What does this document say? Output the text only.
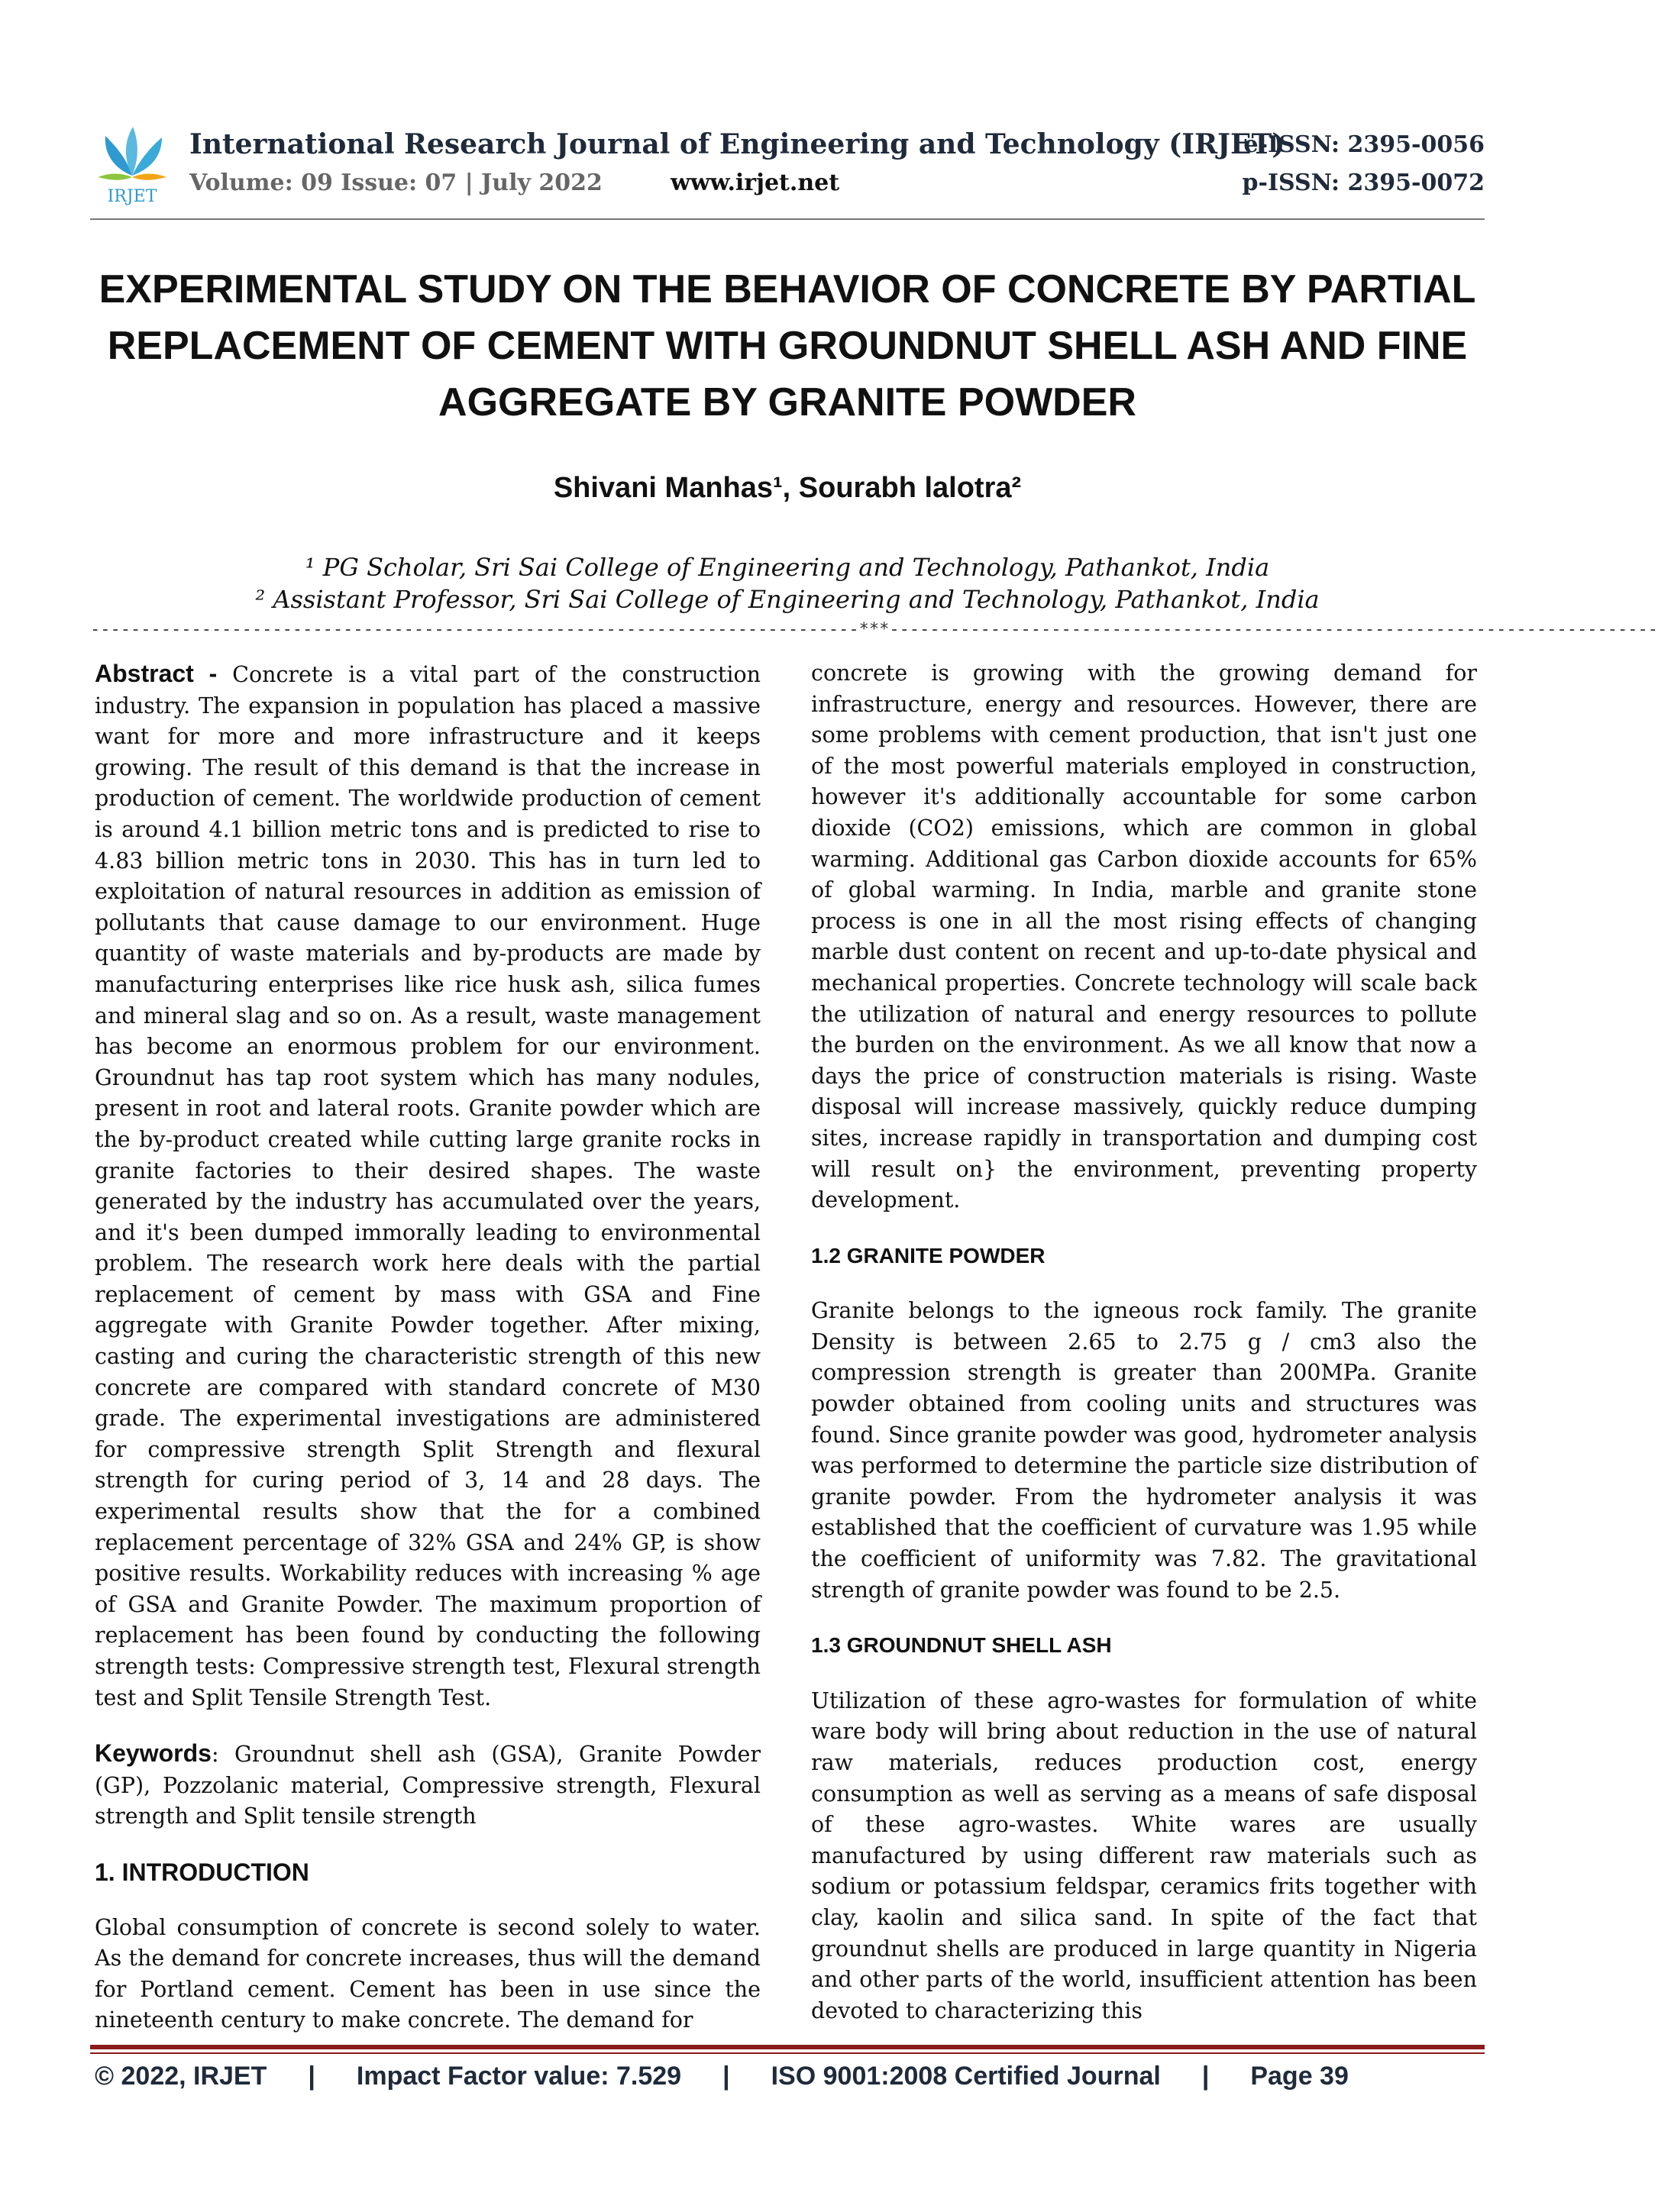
IRJET
International Research Journal of Engineering and Technology (IRJET)
e-ISSN: 2395-0056
Volume: 09 Issue: 07 | July 2022	www.irjet.net	p-ISSN: 2395-0072
EXPERIMENTAL STUDY ON THE BEHAVIOR OF CONCRETE BY PARTIAL
REPLACEMENT OF CEMENT WITH GROUNDNUT SHELL ASH AND FINE
AGGREGATE BY GRANITE POWDER
Shivani Manhas¹, Sourabh lalotra²
¹ PG Scholar, Sri Sai College of Engineering and Technology, Pathankot, India
² Assistant Professor, Sri Sai College of Engineering and Technology, Pathankot, India
----------------------------------------------------------------------------***----------------------------------------------------------------------------

Abstract - Concrete is a vital part of the construction industry. The expansion in population has placed a massive want for more and more infrastructure and it keeps growing. The result of this demand is that the increase in production of cement. The worldwide production of cement is around 4.1 billion metric tons and is predicted to rise to 4.83 billion metric tons in 2030. This has in turn led to exploitation of natural resources in addition as emission of pollutants that cause damage to our environment. Huge quantity of waste materials and by-products are made by manufacturing enterprises like rice husk ash, silica fumes and mineral slag and so on. As a result, waste management has become an enormous problem for our environment. Groundnut has tap root system which has many nodules, present in root and lateral roots. Granite powder which are the by-product created while cutting large granite rocks in granite factories to their desired shapes. The waste generated by the industry has accumulated over the years, and it's been dumped immorally leading to environmental problem. The research work here deals with the partial replacement of cement by mass with GSA and Fine aggregate with Granite Powder together. After mixing, casting and curing the characteristic strength of this new concrete are compared with standard concrete of M30 grade. The experimental investigations are administered for compressive strength Split Strength and flexural strength for curing period of 3, 14 and 28 days. The experimental results show that the for a combined replacement percentage of 32% GSA and 24% GP, is show positive results. Workability reduces with increasing % age of GSA and Granite Powder. The maximum proportion of replacement has been found by conducting the following strength tests: Compressive strength test, Flexural strength test and Split Tensile Strength Test.

Keywords: Groundnut shell ash (GSA), Granite Powder (GP), Pozzolanic material, Compressive strength, Flexural strength and Split tensile strength

1. INTRODUCTION

Global consumption of concrete is second solely to water. As the demand for concrete increases, thus will the demand for Portland cement. Cement has been in use since the nineteenth century to make concrete. The demand for

concrete is growing with the growing demand for infrastructure, energy and resources. However, there are some problems with cement production, that isn't just one of the most powerful materials employed in construction, however it's additionally accountable for some carbon dioxide (CO2) emissions, which are common in global warming. Additional gas Carbon dioxide accounts for 65% of global warming. In India, marble and granite stone process is one in all the most rising effects of changing marble dust content on recent and up-to-date physical and mechanical properties. Concrete technology will scale back the utilization of natural and energy resources to pollute the burden on the environment. As we all know that now a days the price of construction materials is rising. Waste disposal will increase massively, quickly reduce dumping sites, increase rapidly in transportation and dumping cost will result on} the environment, preventing property development.

1.2 GRANITE POWDER

Granite belongs to the igneous rock family. The granite Density is between 2.65 to 2.75 g / cm3 also the compression strength is greater than 200MPa. Granite powder obtained from cooling units and structures was found. Since granite powder was good, hydrometer analysis was performed to determine the particle size distribution of granite powder. From the hydrometer analysis it was established that the coefficient of curvature was 1.95 while the coefficient of uniformity was 7.82. The gravitational strength of granite powder was found to be 2.5.

1.3 GROUNDNUT SHELL ASH

Utilization of these agro-wastes for formulation of white ware body will bring about reduction in the use of natural raw materials, reduces production cost, energy consumption as well as serving as a means of safe disposal of these agro-wastes. White wares are usually manufactured by using different raw materials such as sodium or potassium feldspar, ceramics frits together with clay, kaolin and silica sand. In spite of the fact that groundnut shells are produced in large quantity in Nigeria and other parts of the world, insufficient attention has been devoted to characterizing this

© 2022, IRJET | Impact Factor value: 7.529 | ISO 9001:2008 Certified Journal | Page 39
